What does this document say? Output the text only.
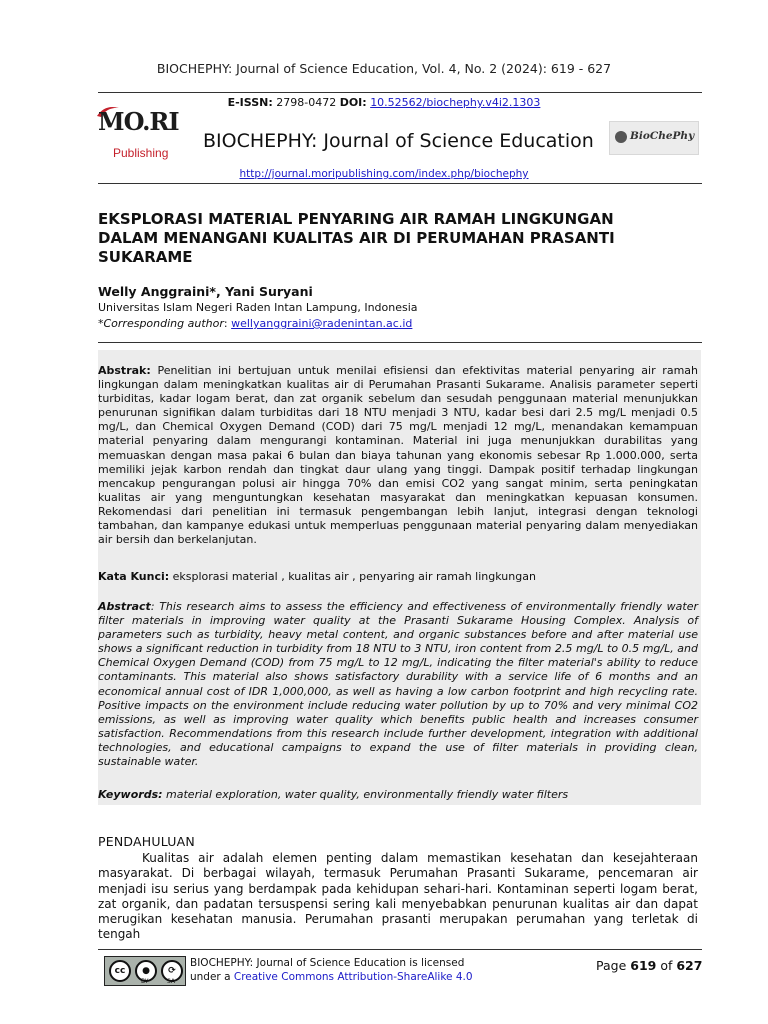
BIOCHEPHY: Journal of Science Education, Vol. 4, No. 2 (2024): 619 - 627
E-ISSN: 2798-0472 DOI: 10.52562/biochephy.v4i2.1303
MO.RI
Publishing
BIOCHEPHY: Journal of Science Education	BioChePhy
http://journal.moripublishing.com/index.php/biochephy
EKSPLORASI MATERIAL PENYARING AIR RAMAH LINGKUNGAN DALAM MENANGANI KUALITAS AIR DI PERUMAHAN PRASANTI SUKARAME
Welly Anggraini*, Yani Suryani
Universitas Islam Negeri Raden Intan Lampung, Indonesia
*Corresponding author: wellyanggraini@radenintan.ac.id
Abstrak: Penelitian ini bertujuan untuk menilai efisiensi dan efektivitas material penyaring air ramah lingkungan dalam meningkatkan kualitas air di Perumahan Prasanti Sukarame. Analisis parameter seperti turbiditas, kadar logam berat, dan zat organik sebelum dan sesudah penggunaan material menunjukkan penurunan signifikan dalam turbiditas dari 18 NTU menjadi 3 NTU, kadar besi dari 2.5 mg/L menjadi 0.5 mg/L, dan Chemical Oxygen Demand (COD) dari 75 mg/L menjadi 12 mg/L, menandakan kemampuan material penyaring dalam mengurangi kontaminan. Material ini juga menunjukkan durabilitas yang memuaskan dengan masa pakai 6 bulan dan biaya tahunan yang ekonomis sebesar Rp 1.000.000, serta memiliki jejak karbon rendah dan tingkat daur ulang yang tinggi. Dampak positif terhadap lingkungan mencakup pengurangan polusi air hingga 70% dan emisi CO2 yang sangat minim, serta peningkatan kualitas air yang menguntungkan kesehatan masyarakat dan meningkatkan kepuasan konsumen. Rekomendasi dari penelitian ini termasuk pengembangan lebih lanjut, integrasi dengan teknologi tambahan, dan kampanye edukasi untuk memperluas penggunaan material penyaring dalam menyediakan air bersih dan berkelanjutan.
Kata Kunci: eksplorasi material , kualitas air , penyaring air ramah lingkungan
Abstract: This research aims to assess the efficiency and effectiveness of environmentally friendly water filter materials in improving water quality at the Prasanti Sukarame Housing Complex. Analysis of parameters such as turbidity, heavy metal content, and organic substances before and after material use shows a significant reduction in turbidity from 18 NTU to 3 NTU, iron content from 2.5 mg/L to 0.5 mg/L, and Chemical Oxygen Demand (COD) from 75 mg/L to 12 mg/L, indicating the filter material's ability to reduce contaminants. This material also shows satisfactory durability with a service life of 6 months and an economical annual cost of IDR 1,000,000, as well as having a low carbon footprint and high recycling rate. Positive impacts on the environment include reducing water pollution by up to 70% and very minimal CO2 emissions, as well as improving water quality which benefits public health and increases consumer satisfaction. Recommendations from this research include further development, integration with additional technologies, and educational campaigns to expand the use of filter materials in providing clean, sustainable water.
Keywords: material exploration, water quality, environmentally friendly water filters
PENDAHULUAN
Kualitas air adalah elemen penting dalam memastikan kesehatan dan kesejahteraan masyarakat. Di berbagai wilayah, termasuk Perumahan Prasanti Sukarame, pencemaran air menjadi isu serius yang berdampak pada kehidupan sehari-hari. Kontaminan seperti logam berat, zat organik, dan padatan tersuspensi sering kali menyebabkan penurunan kualitas air dan dapat merugikan kesehatan manusia. Perumahan prasanti merupakan perumahan yang terletak di tengah
cc	●	⟳
BY	SA
BIOCHEPHY: Journal of Science Education is licensed
under a Creative Commons Attribution-ShareAlike 4.0
Page 619 of 627
